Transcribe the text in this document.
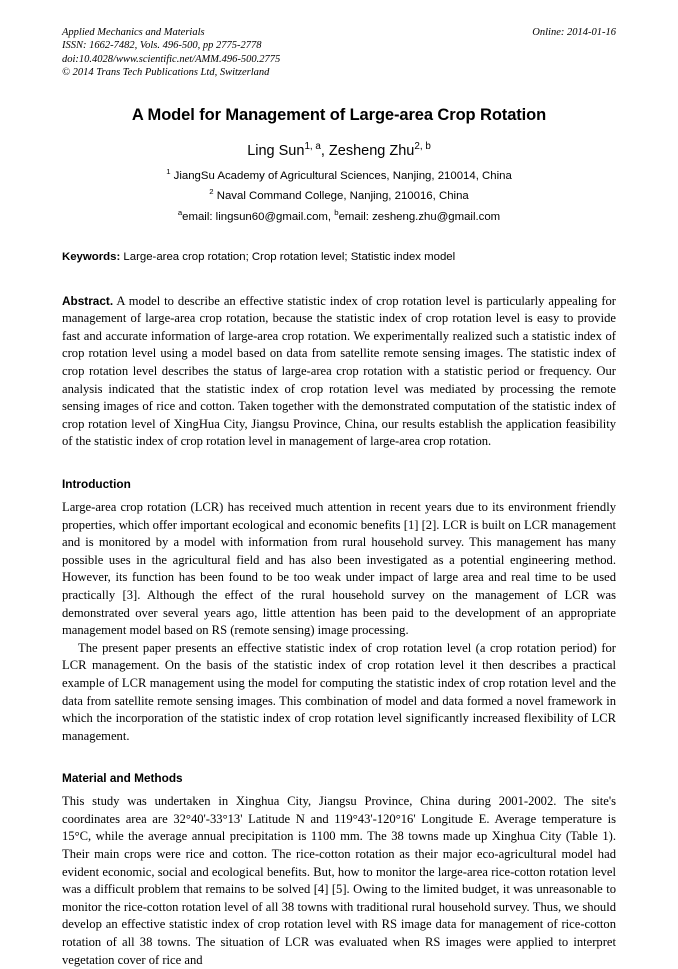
Applied Mechanics and Materials
ISSN: 1662-7482, Vols. 496-500, pp 2775-2778
doi:10.4028/www.scientific.net/AMM.496-500.2775
© 2014 Trans Tech Publications Ltd, Switzerland
Online: 2014-01-16
A Model for Management of Large-area Crop Rotation
Ling Sun$^{1, a}$, Zesheng Zhu$^{2, b}$
$^1$ JiangSu Academy of Agricultural Sciences, Nanjing, 210014, China
$^2$ Naval Command College, Nanjing, 210016, China
$^a$email: lingsun60@gmail.com, $^b$email: zesheng.zhu@gmail.com
Keywords: Large-area crop rotation; Crop rotation level; Statistic index model
Abstract. A model to describe an effective statistic index of crop rotation level is particularly appealing for management of large-area crop rotation, because the statistic index of crop rotation level is easy to provide fast and accurate information of large-area crop rotation. We experimentally realized such a statistic index of crop rotation level using a model based on data from satellite remote sensing images. The statistic index of crop rotation level describes the status of large-area crop rotation with a statistic period or frequency. Our analysis indicated that the statistic index of crop rotation level was mediated by processing the remote sensing images of rice and cotton. Taken together with the demonstrated computation of the statistic index of crop rotation level of XingHua City, Jiangsu Province, China, our results establish the application feasibility of the statistic index of crop rotation level in management of large-area crop rotation.
Introduction

Large-area crop rotation (LCR) has received much attention in recent years due to its environment friendly properties, which offer important ecological and economic benefits [1] [2]. LCR is built on LCR management and is monitored by a model with information from rural household survey. This management has many possible uses in the agricultural field and has also been investigated as a potential engineering method. However, its function has been found to be too weak under impact of large area and real time to be used practically [3]. Although the effect of the rural household survey on the management of LCR was demonstrated over several years ago, little attention has been paid to the development of an appropriate management model based on RS (remote sensing) image processing.

The present paper presents an effective statistic index of crop rotation level (a crop rotation period) for LCR management. On the basis of the statistic index of crop rotation level it then describes a practical example of LCR management using the model for computing the statistic index of crop rotation level and the data from satellite remote sensing images. This combination of model and data formed a novel framework in which the incorporation of the statistic index of crop rotation level significantly increased flexibility of LCR management.

Material and Methods

This study was undertaken in Xinghua City, Jiangsu Province, China during 2001-2002. The site's coordinates area are 32°40'-33°13' Latitude N and 119°43'-120°16' Longitude E. Average temperature is 15°C, while the average annual precipitation is 1100 mm. The 38 towns made up Xinghua City (Table 1). Their main crops were rice and cotton. The rice-cotton rotation as their major eco-agricultural model had evident economic, social and ecological benefits. But, how to monitor the large-area rice-cotton rotation level was a difficult problem that remains to be solved [4] [5]. Owing to the limited budget, it was unreasonable to monitor the rice-cotton rotation level of all 38 towns with traditional rural household survey. Thus, we should develop an effective statistic index of crop rotation level with RS image data for management of rice-cotton rotation of all 38 towns. The situation of LCR was evaluated when RS images were applied to interpret vegetation cover of rice and
